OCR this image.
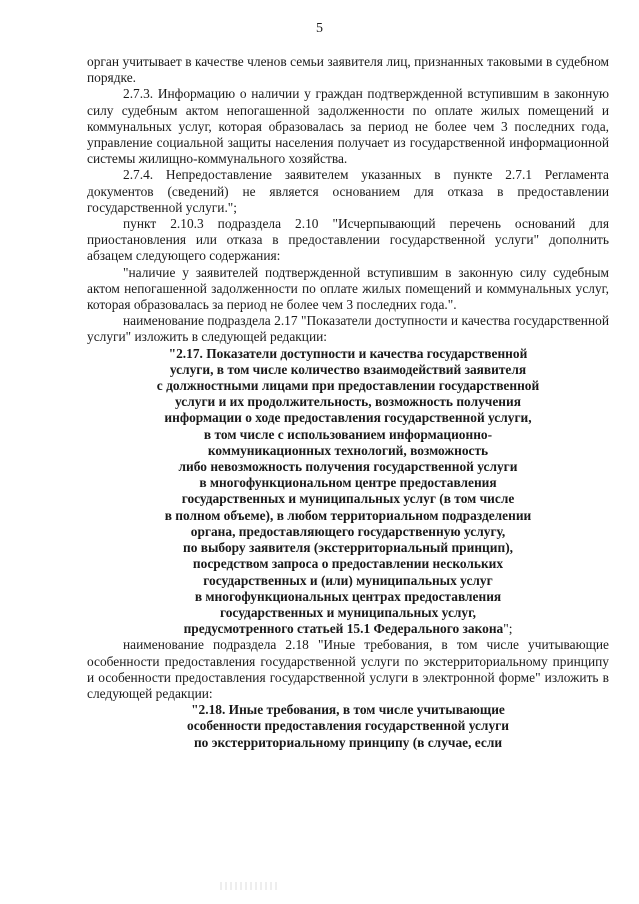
5

орган учитывает в качестве членов семьи заявителя лиц, признанных таковыми в судебном порядке.

2.7.3. Информацию о наличии у граждан подтвержденной вступившим в законную силу судебным актом непогашенной задолженности по оплате жилых помещений и коммунальных услуг, которая образовалась за период не более чем 3 последних года, управление социальной защиты населения получает из государственной информационной системы жилищно-коммунального хозяйства.

2.7.4. Непредоставление заявителем указанных в пункте 2.7.1 Регламента документов (сведений) не является основанием для отказа в предоставлении государственной услуги.";

пункт 2.10.3 подраздела 2.10 "Исчерпывающий перечень оснований для приостановления или отказа в предоставлении государственной услуги" дополнить абзацем следующего содержания:

"наличие у заявителей подтвержденной вступившим в законную силу судебным актом непогашенной задолженности по оплате жилых помещений и коммунальных услуг, которая образовалась за период не более чем 3 последних года.".

наименование подраздела 2.17 "Показатели доступности и качества государственной услуги" изложить в следующей редакции:

"2.17. Показатели доступности и качества государственной
услуги, в том числе количество взаимодействий заявителя
с должностными лицами при предоставлении государственной
услуги и их продолжительность, возможность получения
информации о ходе предоставления государственной услуги,
в том числе с использованием информационно-
коммуникационных технологий, возможность
либо невозможность получения государственной услуги
в многофункциональном центре предоставления
государственных и муниципальных услуг (в том числе
в полном объеме), в любом территориальном подразделении
органа, предоставляющего государственную услугу,
по выбору заявителя (экстерриториальный принцип),
посредством запроса о предоставлении нескольких
государственных и (или) муниципальных услуг
в многофункциональных центрах предоставления
государственных и муниципальных услуг,
предусмотренного статьей 15.1 Федерального закона";

наименование подраздела 2.18 "Иные требования, в том числе учитывающие особенности предоставления государственной услуги по экстерриториальному принципу и особенности предоставления государственной услуги в электронной форме" изложить в следующей редакции:

"2.18. Иные требования, в том числе учитывающие
особенности предоставления государственной услуги
по экстерриториальному принципу (в случае, если
